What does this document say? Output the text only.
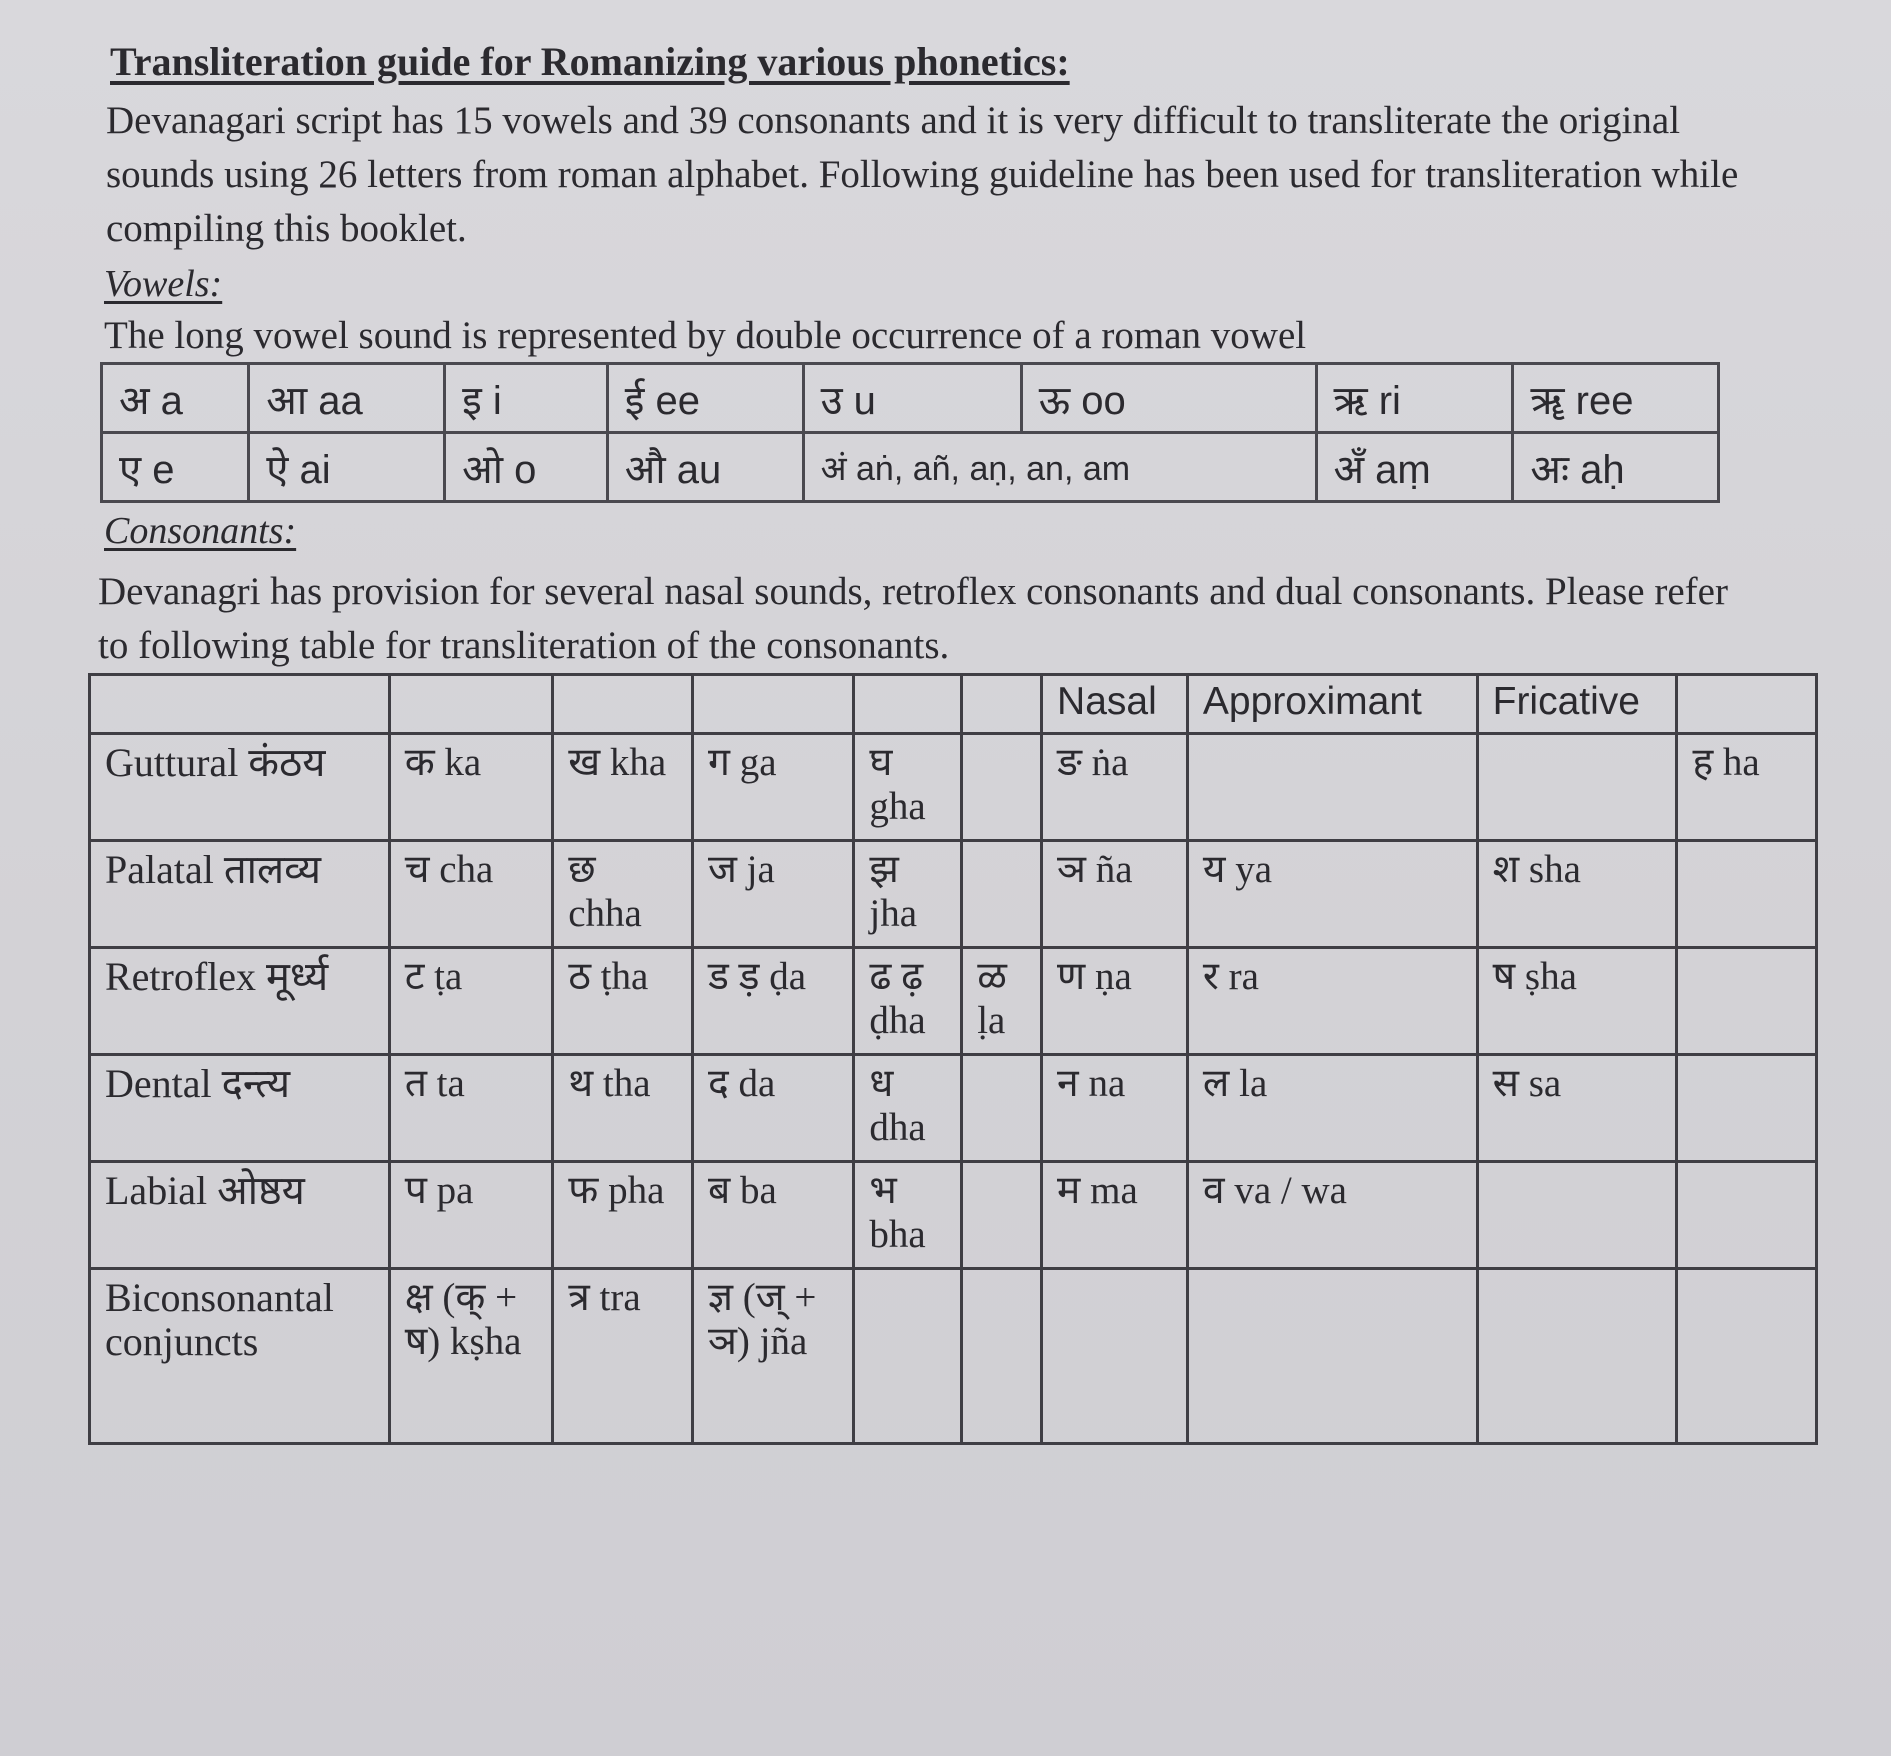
Transliteration guide for Romanizing various phonetics:

Devanagari script has 15 vowels and 39 consonants and it is very difficult to transliterate the original sounds using 26 letters from roman alphabet. Following guideline has been used for transliteration while compiling this booklet.

Vowels:
The long vowel sound is represented by double occurrence of a roman vowel
अ a	आ aa	इ i	ई ee	उ u	ऊ oo	ऋ ri	ॠ ree
ए e	ऐ ai	ओ o	औ au	अं aṅ, añ, aṇ, an, am		अँ aṃ	अः aḥ
Consonants:

Devanagri has provision for several nasal sounds, retroflex consonants and dual consonants. Please refer to following table for transliteration of the consonants.

						Nasal	Approximant	Fricative	
Guttural कंठय	क ka	ख kha	ग ga	घ gha		ङ ṅa			ह ha
Palatal तालव्य	च cha	छ chha	ज ja	झ jha		ञ ña	य ya	श sha	
Retroflex मूर्ध्य	ट ṭa	ठ ṭha	ड ड़ ḍa	ढ ढ़ ḍha	ळ ḷa	ण ṇa	र ra	ष ṣha	
Dental दन्त्य	त ta	थ tha	द da	ध dha		न na	ल la	स sa	
Labial ओष्ठय	प pa	फ pha	ब ba	भ bha		म ma	व va / wa		
Biconsonantal conjuncts	क्ष (क् + ष) kṣha	त्र tra	ज्ञ (ज् + ञ) jña						
